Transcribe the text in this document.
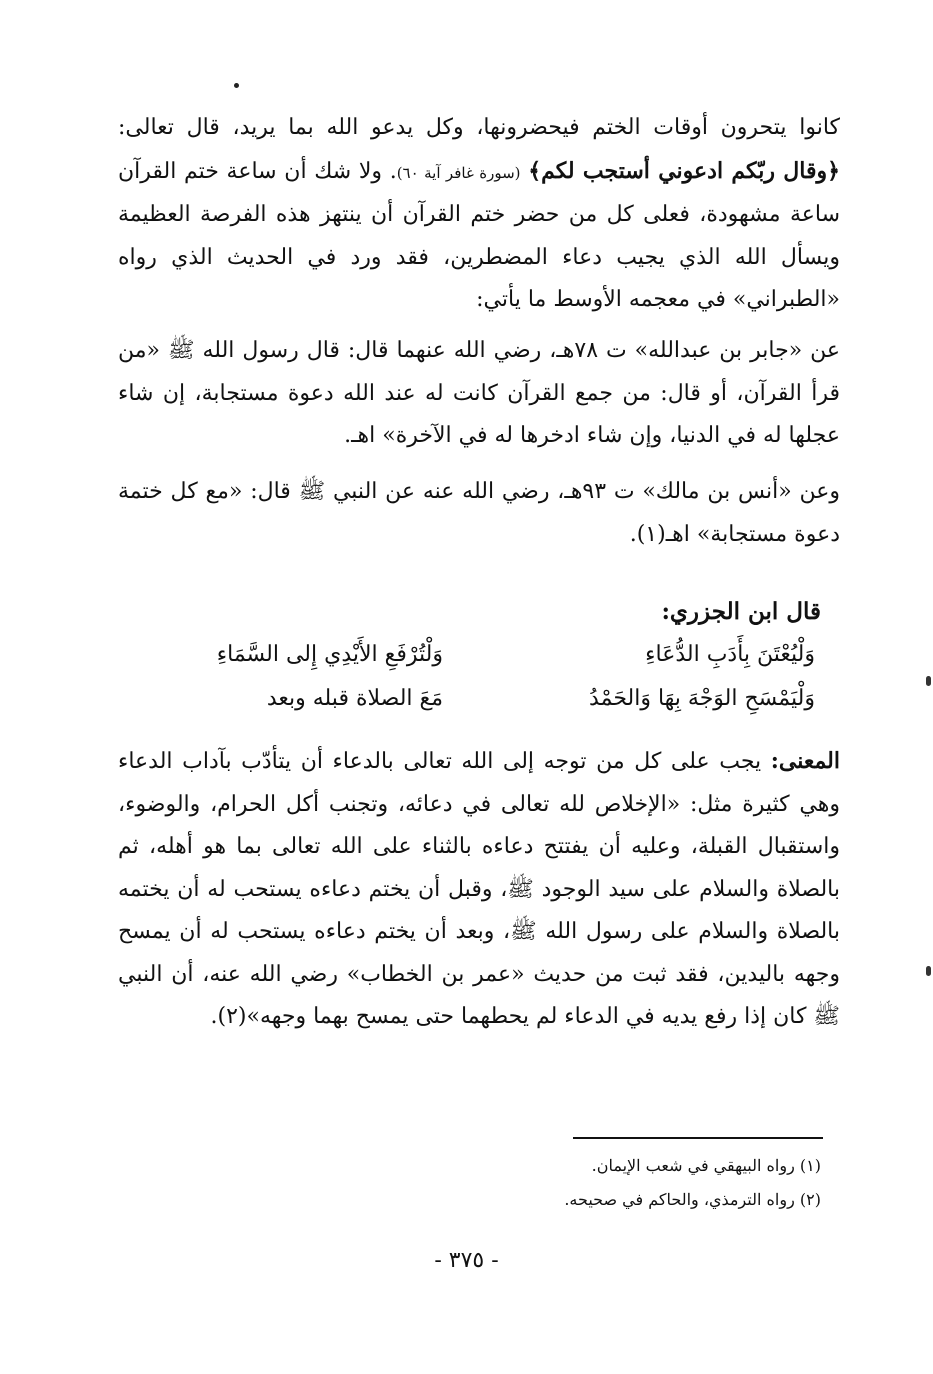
كانوا يتحرون أوقات الختم فيحضرونها، وكل يدعو الله بما يريد، قال تعالى: ﴿وقال ربّكم ادعوني أستجب لكم﴾ (سورة غافر آية ٦٠). ولا شك أن ساعة ختم القرآن ساعة مشهودة، فعلى كل من حضر ختم القرآن أن ينتهز هذه الفرصة العظيمة ويسأل الله الذي يجيب دعاء المضطرين، فقد ورد في الحديث الذي رواه «الطبراني» في معجمه الأوسط ما يأتي:

عن «جابر بن عبدالله» ت ٧٨هـ، رضي الله عنهما قال: قال رسول الله ﷺ «من قرأ القرآن، أو قال: من جمع القرآن كانت له عند الله دعوة مستجابة، إن شاء عجلها له في الدنيا، وإن شاء ادخرها له في الآخرة» اهـ.

وعن «أنس بن مالك» ت ٩٣هـ، رضي الله عنه عن النبي ﷺ قال: «مع كل ختمة دعوة مستجابة» اهـ(١).

قال ابن الجزري:

وَلْيُعْتَنَ بِأَدَبِ الدُّعَاءِ

وَلْتُرْفَعِ الأَيْدِي إِلى السَّمَاءِ

وَلْيَمْسَحِ الوَجْهَ بِهَا وَالحَمْدُ

مَعَ الصلاة قبله وبعد

المعنى: يجب على كل من توجه إلى الله تعالى بالدعاء أن يتأدّب بآداب الدعاء وهي كثيرة مثل: «الإخلاص لله تعالى في دعائه، وتجنب أكل الحرام، والوضوء، واستقبال القبلة، وعليه أن يفتتح دعاءه بالثناء على الله تعالى بما هو أهله، ثم بالصلاة والسلام على سيد الوجود ﷺ، وقبل أن يختم دعاءه يستحب له أن يختمه بالصلاة والسلام على رسول الله ﷺ، وبعد أن يختم دعاءه يستحب له أن يمسح وجهه باليدين، فقد ثبت من حديث «عمر بن الخطاب» رضي الله عنه، أن النبي ﷺ كان إذا رفع يديه في الدعاء لم يحطهما حتى يمسح بهما وجهه»(٢).

(١) رواه البيهقي في شعب الإيمان.

(٢) رواه الترمذي، والحاكم في صحيحه.

- ٣٧٥ -
